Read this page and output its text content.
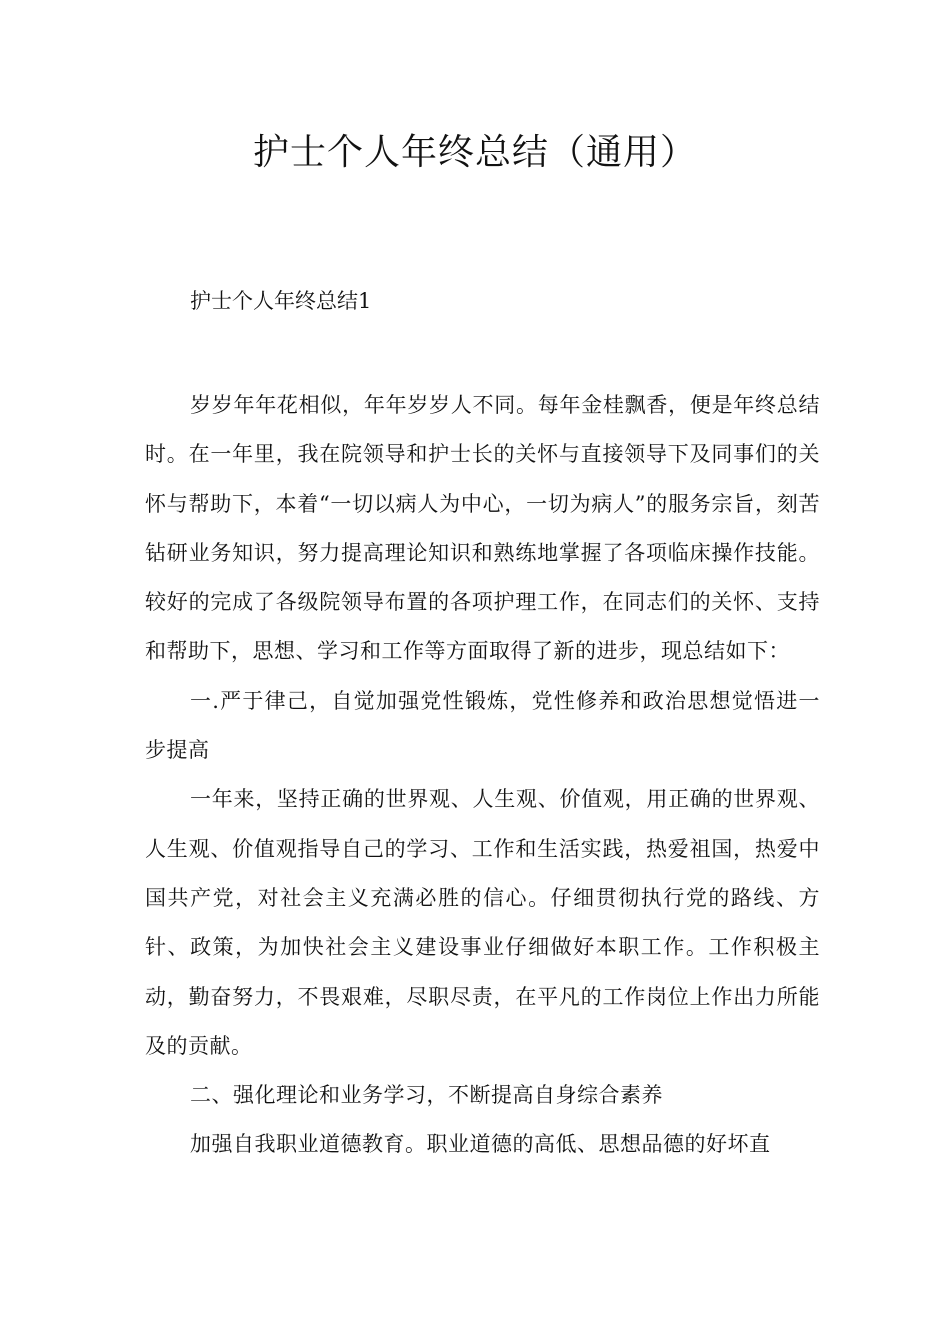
护士个人年终总结（通用）
护士个人年终总结1

岁岁年年花相似，年年岁岁人不同。每年金桂飘香，便是年终总结时。在一年里，我在院领导和护士长的关怀与直接领导下及同事们的关怀与帮助下，本着“一切以病人为中心，一切为病人”的服务宗旨，刻苦钻研业务知识，努力提高理论知识和熟练地掌握了各项临床操作技能。较好的完成了各级院领导布置的各项护理工作，在同志们的关怀、支持和帮助下，思想、学习和工作等方面取得了新的进步，现总结如下：

一.严于律己，自觉加强党性锻炼，党性修养和政治思想觉悟进一步提高

一年来，坚持正确的世界观、人生观、价值观，用正确的世界观、人生观、价值观指导自己的学习、工作和生活实践，热爱祖国，热爱中国共产党，对社会主义充满必胜的信心。仔细贯彻执行党的路线、方针、政策，为加快社会主义建设事业仔细做好本职工作。工作积极主动，勤奋努力，不畏艰难，尽职尽责，在平凡的工作岗位上作出力所能及的贡献。

二、强化理论和业务学习，不断提高自身综合素养

加强自我职业道德教育。职业道德的高低、思想品德的好坏直
